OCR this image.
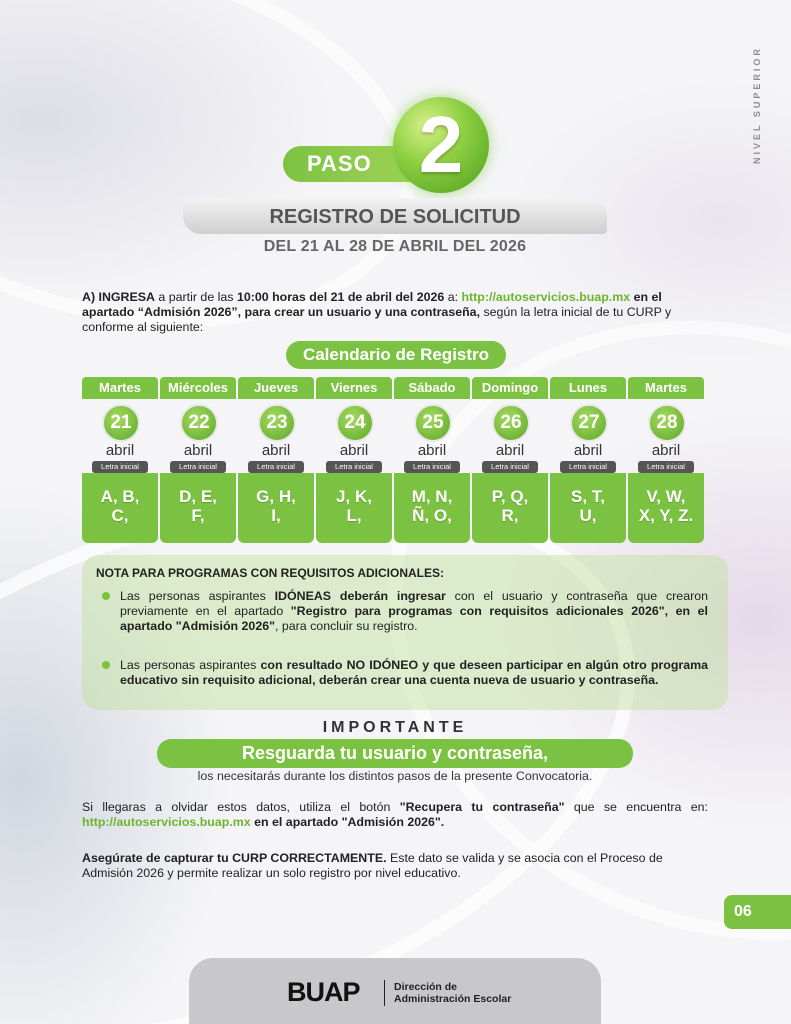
NIVEL SUPERIOR
PASO 2
REGISTRO DE SOLICITUD
DEL 21 AL 28 DE ABRIL DEL 2026
A) INGRESA a partir de las 10:00 horas del 21 de abril del 2026 a: http://autoservicios.buap.mx en el apartado “Admisión 2026”, para crear un usuario y una contraseña, según la letra inicial de tu CURP y conforme al siguiente:
Calendario de Registro
Martes
21
abril
Letra inicial
A, B,
C,
Miércoles
22
abril
Letra inicial
D, E,
F,
Jueves
23
abril
Letra inicial
G, H,
I,
Viernes
24
abril
Letra inicial
J, K,
L,
Sábado
25
abril
Letra inicial
M, N,
Ñ, O,
Domingo
26
abril
Letra inicial
P, Q,
R,
Lunes
27
abril
Letra inicial
S, T,
U,
Martes
28
abril
Letra inicial
V, W,
X, Y, Z.
NOTA PARA PROGRAMAS CON REQUISITOS ADICIONALES:
Las personas aspirantes IDÓNEAS deberán ingresar con el usuario y contraseña que crearon previamente en el apartado "Registro para programas con requisitos adicionales 2026", en el apartado "Admisión 2026", para concluir su registro.
Las personas aspirantes con resultado NO IDÓNEO y que deseen participar en algún otro programa educativo sin requisito adicional, deberán crear una cuenta nueva de usuario y contraseña.
IMPORTANTE
Resguarda tu usuario y contraseña,
los necesitarás durante los distintos pasos de la presente Convocatoria.
Si llegaras a olvidar estos datos, utiliza el botón "Recupera tu contraseña" que se encuentra en: http://autoservicios.buap.mx en el apartado "Admisión 2026".
Asegúrate de capturar tu CURP CORRECTAMENTE. Este dato se valida y se asocia con el Proceso de Admisión 2026 y permite realizar un solo registro por nivel educativo.
06
BUAP	Dirección de
Administración Escolar
